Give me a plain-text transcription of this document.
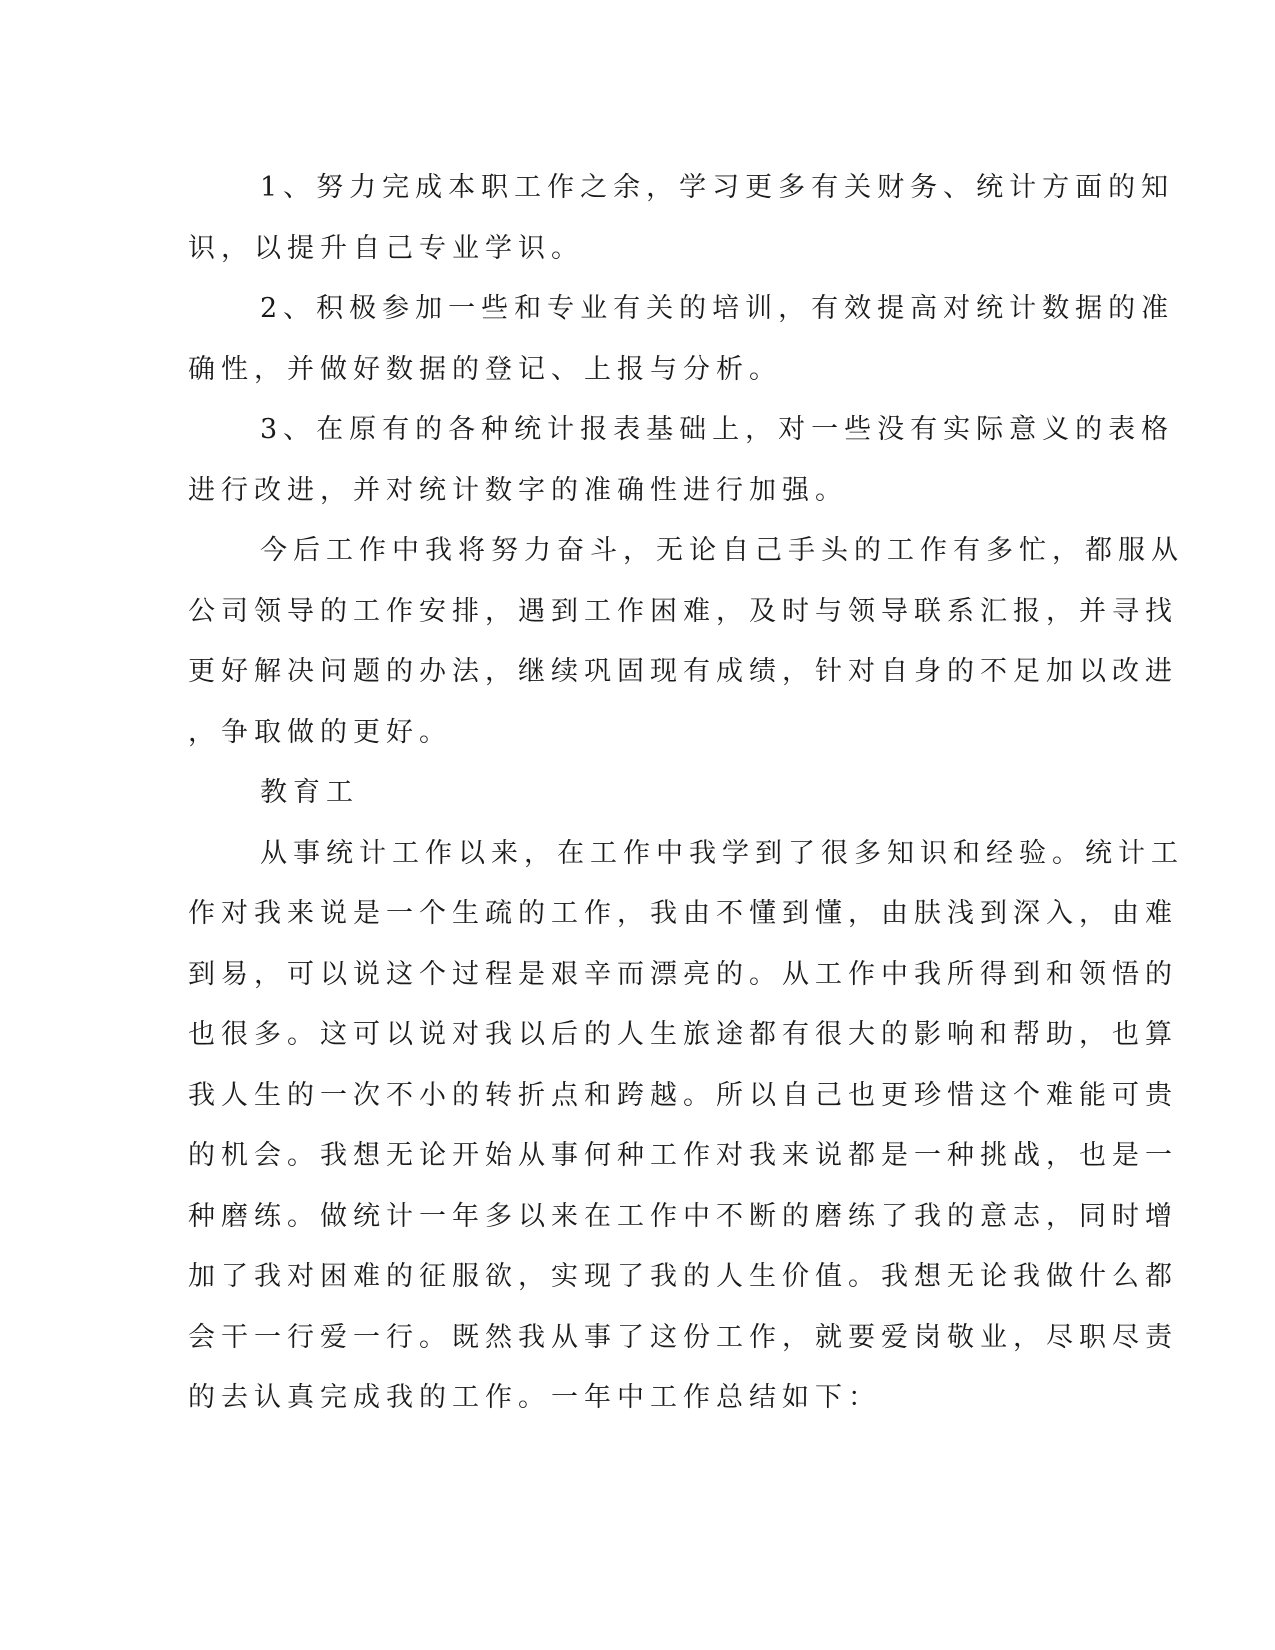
1、努力完成本职工作之余，学习更多有关财务、统计方面的知
识，以提升自己专业学识。
2、积极参加一些和专业有关的培训，有效提高对统计数据的准
确性，并做好数据的登记、上报与分析。
3、在原有的各种统计报表基础上，对一些没有实际意义的表格
进行改进，并对统计数字的准确性进行加强。
今后工作中我将努力奋斗，无论自己手头的工作有多忙，都服从
公司领导的工作安排，遇到工作困难，及时与领导联系汇报，并寻找
更好解决问题的办法，继续巩固现有成绩，针对自身的不足加以改进
，争取做的更好。
教育工
从事统计工作以来，在工作中我学到了很多知识和经验。统计工
作对我来说是一个生疏的工作，我由不懂到懂，由肤浅到深入，由难
到易，可以说这个过程是艰辛而漂亮的。从工作中我所得到和领悟的
也很多。这可以说对我以后的人生旅途都有很大的影响和帮助，也算
我人生的一次不小的转折点和跨越。所以自己也更珍惜这个难能可贵
的机会。我想无论开始从事何种工作对我来说都是一种挑战，也是一
种磨练。做统计一年多以来在工作中不断的磨练了我的意志，同时增
加了我对困难的征服欲，实现了我的人生价值。我想无论我做什么都
会干一行爱一行。既然我从事了这份工作，就要爱岗敬业，尽职尽责
的去认真完成我的工作。一年中工作总结如下：
